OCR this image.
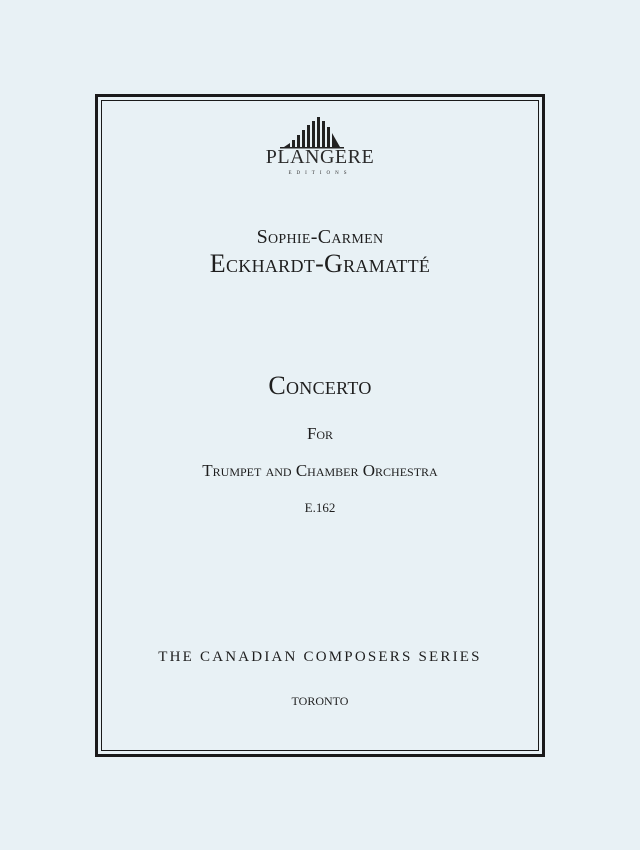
PLANGERE
EDITIONS
Sophie-Carmen
Eckhardt-Gramatté
Concerto
For
Trumpet and Chamber Orchestra
E.162
THE CANADIAN COMPOSERS SERIES
TORONTO
